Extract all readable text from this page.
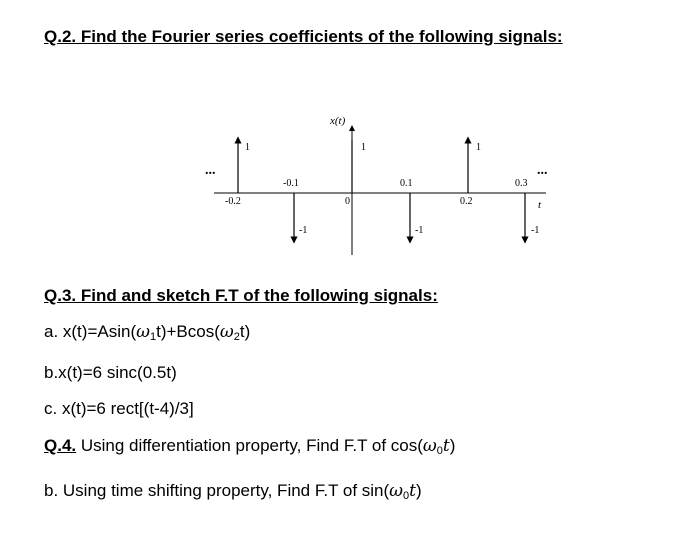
Q.2. Find the Fourier series coefficients of the following signals:
x(t)
1	1	1
-1	-1	-1
-0.1	0.1	0.3
-0.2	0	0.2	t
...	...
Q.3. Find and sketch F.T of the following signals:
a. $x(t)=Asin(\omega_1t)+Bcos(\omega_2t)$
b.x(t)=6 sinc(0.5t)
c. x(t)=6 rect[(t-4)/3]
Q.4. Using differentiation property, Find F.T of $\cos(\omega_0t)$
b. Using time shifting property, Find F.T of $\sin(\omega_0t)$
